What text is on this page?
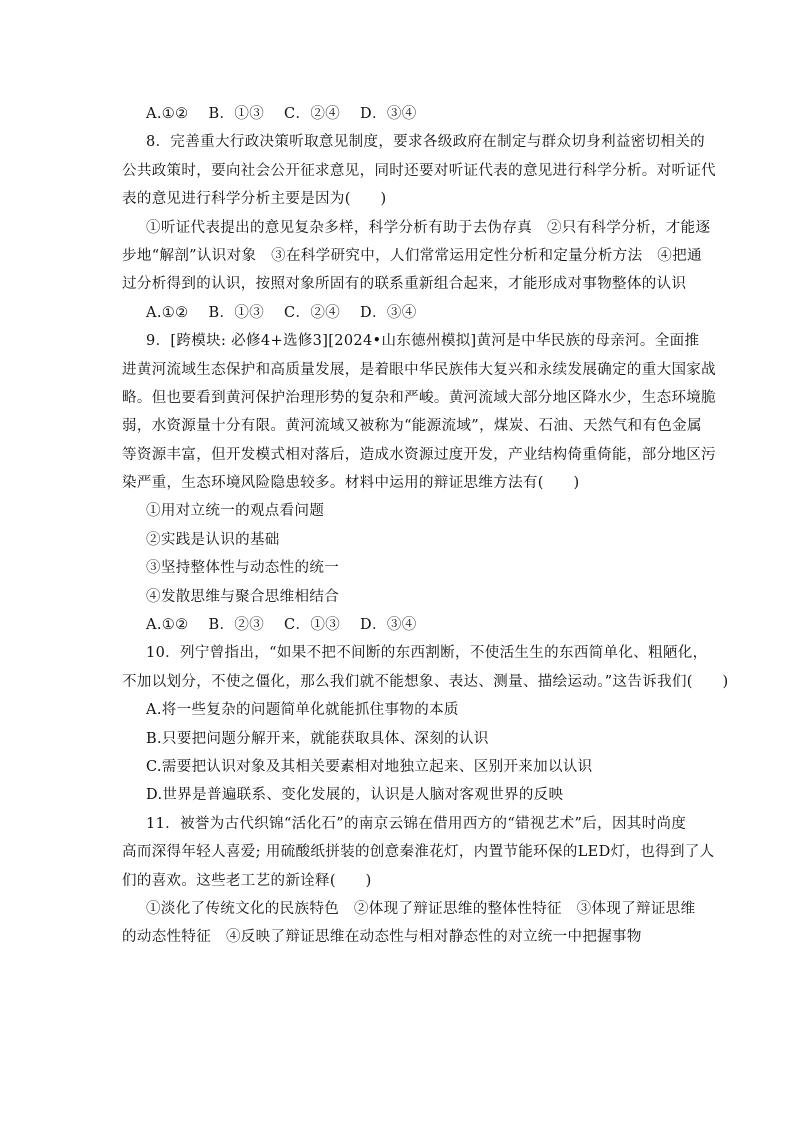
A.①② B．①③ C．②④ D．③④
8．完善重大行政决策听取意见制度，要求各级政府在制定与群众切身利益密切相关的
公共政策时，要向社会公开征求意见，同时还要对听证代表的意见进行科学分析。对听证代
表的意见进行科学分析主要是因为(　　)
①听证代表提出的意见复杂多样，科学分析有助于去伪存真　②只有科学分析，才能逐
步地“解剖”认识对象　③在科学研究中，人们常常运用定性分析和定量分析方法　④把通
过分析得到的认识，按照对象所固有的联系重新组合起来，才能形成对事物整体的认识
A.①② B．①③ C．②④ D．③④
9．[跨模块: 必修4+选修3][2024•山东德州模拟]黄河是中华民族的母亲河。全面推
进黄河流域生态保护和高质量发展，是着眼中华民族伟大复兴和永续发展确定的重大国家战
略。但也要看到黄河保护治理形势的复杂和严峻。黄河流域大部分地区降水少，生态环境脆
弱，水资源量十分有限。黄河流域又被称为“能源流域”，煤炭、石油、天然气和有色金属
等资源丰富，但开发模式相对落后，造成水资源过度开发，产业结构倚重倚能，部分地区污
染严重，生态环境风险隐患较多。材料中运用的辩证思维方法有(　　)
①用对立统一的观点看问题
②实践是认识的基础
③坚持整体性与动态性的统一
④发散思维与聚合思维相结合
A.①② B．②③ C．①③ D．③④
10．列宁曾指出，“如果不把不间断的东西割断，不使活生生的东西简单化、粗陋化，
不加以划分，不使之僵化，那么我们就不能想象、表达、测量、描绘运动。”这告诉我们(　　)
A.将一些复杂的问题简单化就能抓住事物的本质
B.只要把问题分解开来，就能获取具体、深刻的认识
C.需要把认识对象及其相关要素相对地独立起来、区别开来加以认识
D.世界是普遍联系、变化发展的，认识是人脑对客观世界的反映
11．被誉为古代织锦“活化石”的南京云锦在借用西方的“错视艺术”后，因其时尚度
高而深得年轻人喜爱; 用硫酸纸拼装的创意秦淮花灯，内置节能环保的LED灯，也得到了人
们的喜欢。这些老工艺的新诠释(　　)
①淡化了传统文化的民族特色　②体现了辩证思维的整体性特征　③体现了辩证思维
的动态性特征　④反映了辩证思维在动态性与相对静态性的对立统一中把握事物
